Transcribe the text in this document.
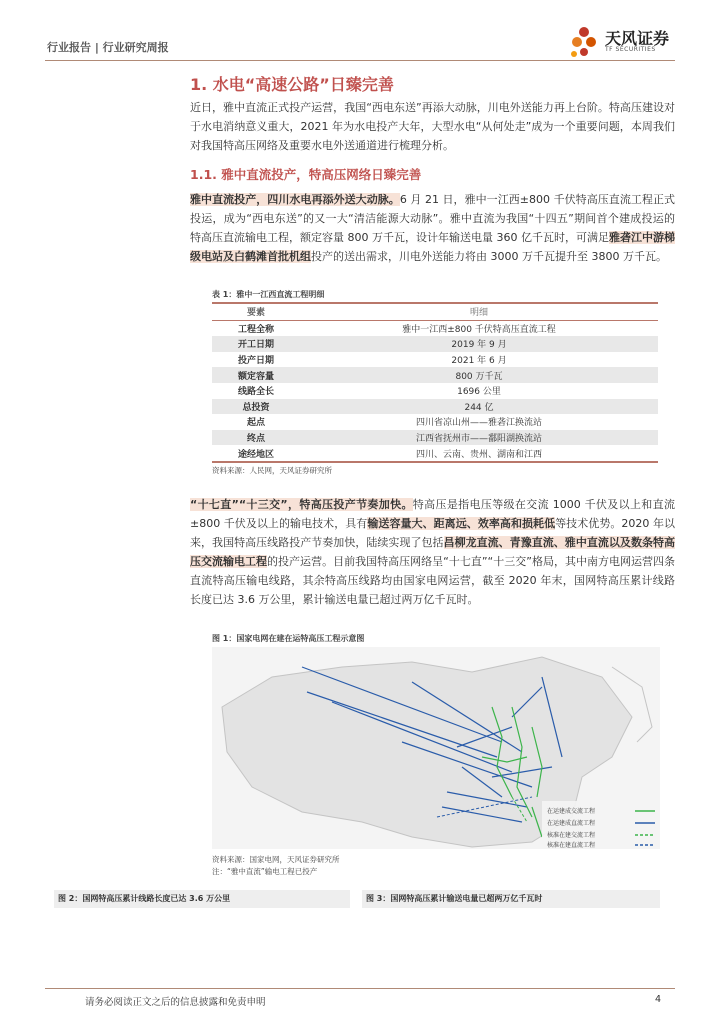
行业报告 | 行业研究周报	天风证券
TF SECURITIES
1. 水电“高速公路”日臻完善
近日，雅中直流正式投产运营，我国“西电东送”再添大动脉，川电外送能力再上台阶。特高压建设对于水电消纳意义重大，2021 年为水电投产大年，大型水电“从何处走”成为一个重要问题，本周我们对我国特高压网络及重要水电外送通道进行梳理分析。
1.1. 雅中直流投产，特高压网络日臻完善
雅中直流投产，四川水电再添外送大动脉。6 月 21 日，雅中一江西±800 千伏特高压直流工程正式投运，成为“西电东送”的又一大“清洁能源大动脉”。雅中直流为我国“十四五”期间首个建成投运的特高压直流输电工程，额定容量 800 万千瓦，设计年输送电量 360 亿千瓦时，可满足雅砻江中游梯级电站及白鹤滩首批机组投产的送出需求，川电外送能力将由 3000 万千瓦提升至 3800 万千瓦。
表 1：雅中一江西直流工程明细
要素	明细
工程全称	雅中一江西±800 千伏特高压直流工程
开工日期	2019 年 9 月
投产日期	2021 年 6 月
额定容量	800 万千瓦
线路全长	1696 公里
总投资	244 亿
起点	四川省凉山州——雅砻江换流站
终点	江西省抚州市——鄱阳湖换流站
途经地区	四川、云南、贵州、湖南和江西
资料来源：人民网，天风证券研究所
“十七直”“十三交”，特高压投产节奏加快。特高压是指电压等级在交流 1000 千伏及以上和直流±800 千伏及以上的输电技术，具有输送容量大、距离远、效率高和损耗低等技术优势。2020 年以来，我国特高压线路投产节奏加快，陆续实现了包括昌柳龙直流、青豫直流、雅中直流以及数条特高压交流输电工程的投产运营。目前我国特高压网络呈“十七直”“十三交”格局，其中南方电网运营四条直流特高压输电线路，其余特高压线路均由国家电网运营，截至 2020 年末，国网特高压累计线路长度已达 3.6 万公里，累计输送电量已超过两万亿千瓦时。
图 1：国家电网在建在运特高压工程示意图
在运建成交流工程
在运建成直流工程
核准在建交流工程
核准在建直流工程
资料来源：国家电网，天风证券研究所
注：“雅中直流”输电工程已投产
图 2：国网特高压累计线路长度已达 3.6 万公里	图 3：国网特高压累计输送电量已超两万亿千瓦时
请务必阅读正文之后的信息披露和免责申明	4
